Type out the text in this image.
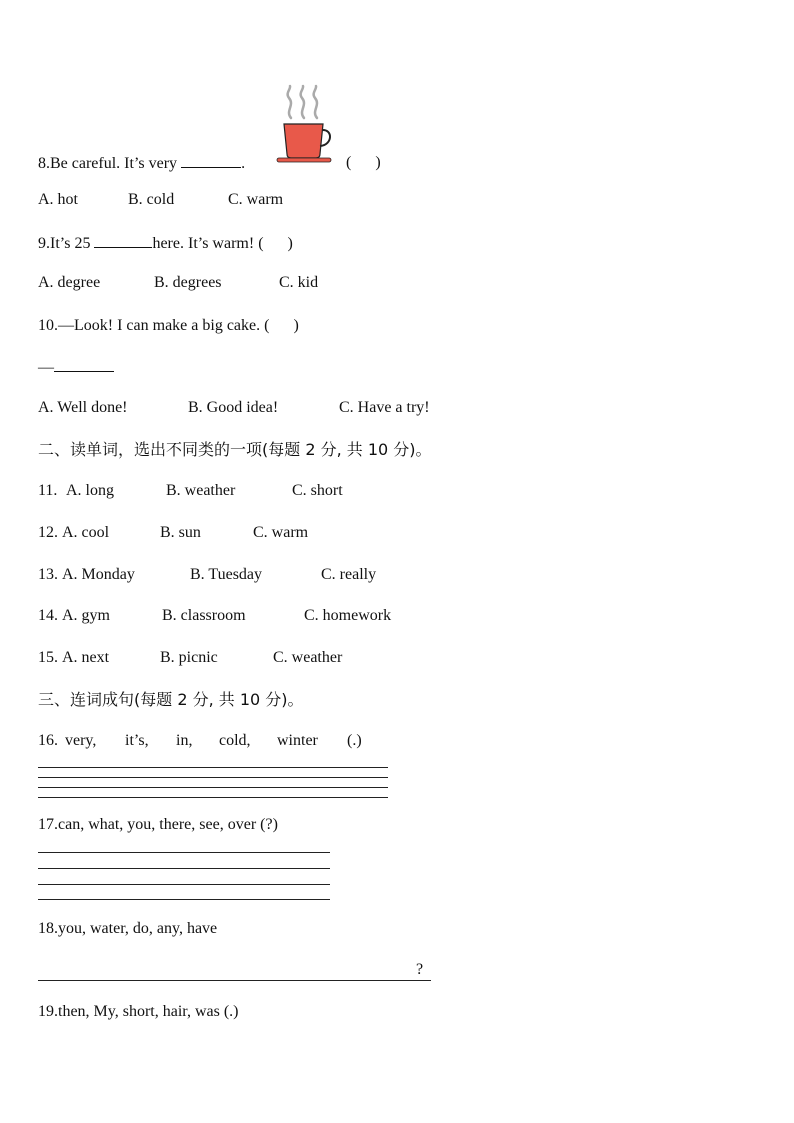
8.Be careful. It’s very	.	(      )
A. hot	B. cold	C. warm
9.It’s 25	here. It’s warm! (      )
A. degree	B. degrees	C. kid
10.—Look! I can make a big cake. (      )
—
A. Well done!	B. Good idea!	C. Have a try!
二、读单词，选出不同类的一项(每题 2 分, 共 10 分)。
11. A. long	B. weather	C. short
12. A. cool	B. sun	C. warm
13. A. Monday	B. Tuesday	C. really
14. A. gym	B. classroom	C. homework
15. A. next	B. picnic	C. weather
三、连词成句(每题 2 分, 共 10 分)。
16. very, it’s, in, cold, winter (.)
17.can, what, you, there, see, over (?)
18.you, water, do, any, have
?
19.then, My, short, hair, was (.)
